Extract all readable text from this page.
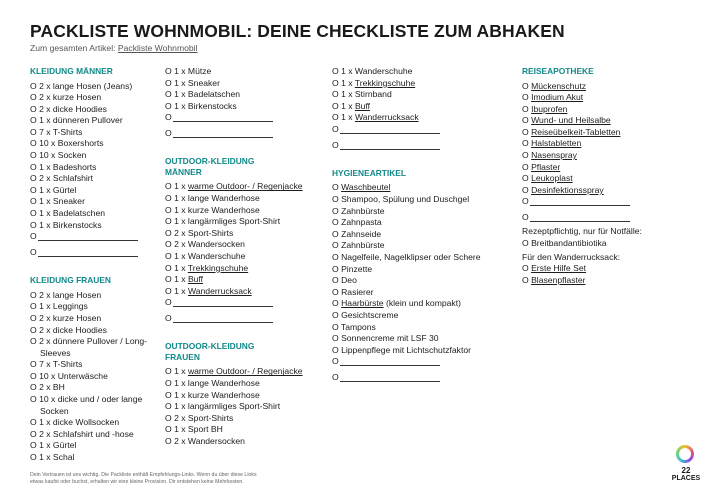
PACKLISTE WOHNMOBIL: DEINE CHECKLISTE ZUM ABHAKEN
Zum gesamten Artikel: Packliste Wohnmobil
KLEIDUNG MÄNNER
O 2 x lange Hosen (Jeans)
O 2 x kurze Hosen
O 2 x dicke Hoodies
O 1 x dünneren Pullover
O 7 x T-Shirts
O 10 x Boxershorts
O 10 x Socken
O 1 x Badeshorts
O 2 x Schlafshirt
O 1 x Gürtel
O 1 x Sneaker
O 1 x Badelatschen
O 1 x Birkenstocks
O
O
KLEIDUNG FRAUEN
O 2 x lange Hosen
O 1 x Leggings
O 2 x kurze Hosen
O 2 x dicke Hoodies
O 2 x dünnere Pullover / Long-Sleeves
O 7 x T-Shirts
O 10 x Unterwäsche
O 2 x BH
O 10 x dicke und / oder lange Socken
O 1 x dicke Wollsocken
O 2 x Schlafshirt und -hose
O 1 x Gürtel
O 1 x Schal
O 1 x Mütze
O 1 x Sneaker
O 1 x Badelatschen
O 1 x Birkenstocks
O
O
OUTDOOR-KLEIDUNG
MÄNNER
O 1 x warme Outdoor- / Regenjacke
O 1 x lange Wanderhose
O 1 x kurze Wanderhose
O 1 x langärmliges Sport-Shirt
O 2 x Sport-Shirts
O 2 x Wandersocken
O 1 x Wanderschuhe
O 1 x Trekkingschuhe
O 1 x Buff
O 1 x Wanderrucksack
O
O
OUTDOOR-KLEIDUNG
FRAUEN
O 1 x warme Outdoor- / Regenjacke
O 1 x lange Wanderhose
O 1 x kurze Wanderhose
O 1 x langärmliges Sport-Shirt
O 2 x Sport-Shirts
O 1 x Sport BH
O 2 x Wandersocken
O 1 x Wanderschuhe
O 1 x Trekkingschuhe
O 1 x Stirnband
O 1 x Buff
O 1 x Wanderrucksack
O
O
HYGIENEARTIKEL
O Waschbeutel
O Shampoo, Spülung und Duschgel
O Zahnbürste
O Zahnpasta
O Zahnseide
O Zahnbürste
O Nagelfeile, Nagelklipser oder Schere
O Pinzette
O Deo
O Rasierer
O Haarbürste (klein und kompakt)
O Gesichtscreme
O Tampons
O Sonnencreme mit LSF 30
O Lippenpflege mit Lichtschutzfaktor
O
O
REISEAPOTHEKE
O Mückenschutz
O Imodium Akut
O Ibuprofen
O Wund- und Heilsalbe
O Reiseübelkeit-Tabletten
O Halstabletten
O Nasenspray
O Pflaster
O Leukoplast
O Desinfektionsspray
O
O
Rezeptpflichtig, nur für Notfälle:
O Breitbandantibiotika
Für den Wanderrucksack:
O Erste Hilfe Set
O Blasenpflaster
Dein Vertrauen ist uns wichtig. Die Packliste enthält Empfehlungs-Links. Wenn du über diese Links
etwas kaufst oder buchst, erhalten wir eine kleine Provision. Dir entstehen keine Mehrkosten.
22
PLACES
